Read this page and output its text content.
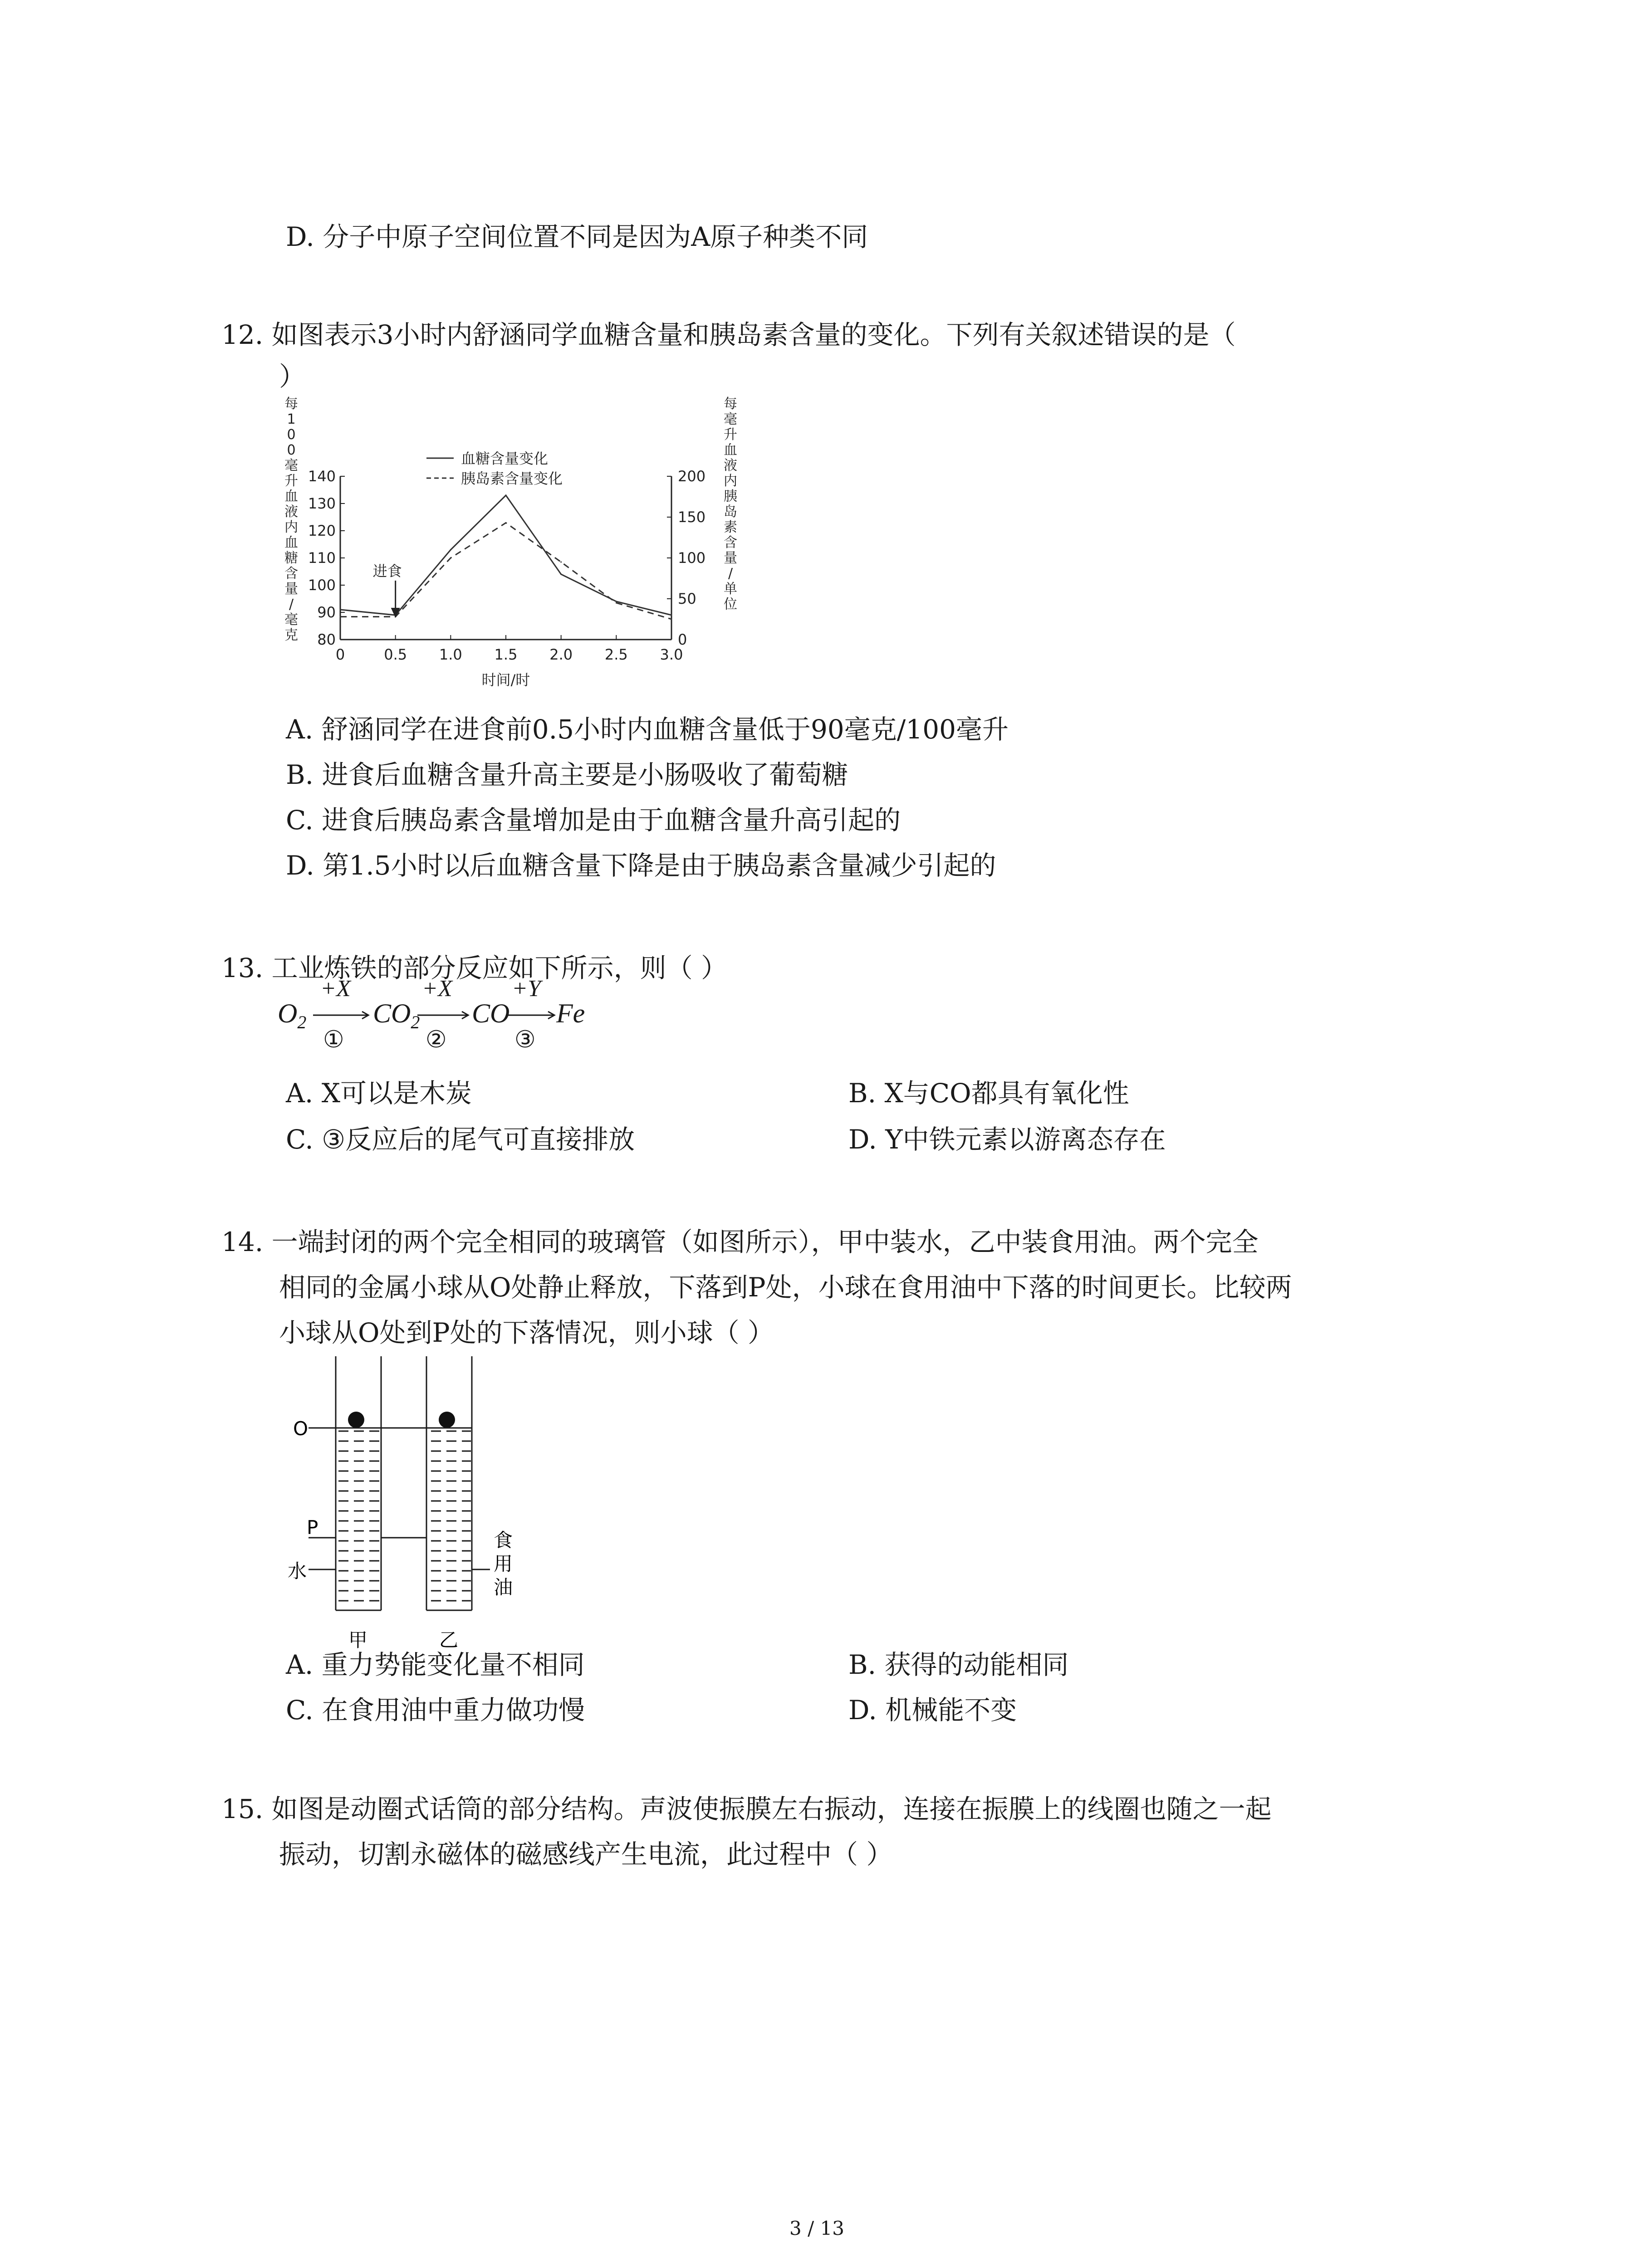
D. 分子中原子空间位置不同是因为A原子种类不同
12. 如图表示3小时内舒涵同学血糖含量和胰岛素含量的变化。下列有关叙述错误的是（
）
0	0.5 1.0 1.5 2.0 2.5 3.0
80
90
100
110
120
130
140
0
50
100
150
200
血糖含量变化
胰岛素含量变化
进食
时间/时
每 1 0 0 毫升血液内血糖含量/毫克
每毫升血液内胰岛素含量/单位
A. 舒涵同学在进食前0.5小时内血糖含量低于90毫克/100毫升
B. 进食后血糖含量升高主要是小肠吸收了葡萄糖
C. 进食后胰岛素含量增加是由于血糖含量升高引起的
D. 第1.5小时以后血糖含量下降是由于胰岛素含量减少引起的
13. 工业炼铁的部分反应如下所示，则（ ）
$O_2$ $CO_2$ CO Fe
+X
①
+X
②
+Y
③
A. X可以是木炭	B. X与CO都具有氧化性
C. ③反应后的尾气可直接排放	D. Y中铁元素以游离态存在
14. 一端封闭的两个完全相同的玻璃管（如图所示），甲中装水，乙中装食用油。两个完全
相同的金属小球从O处静止释放，下落到P处，小球在食用油中下落的时间更长。比较两
小球从O处到P处的下落情况，则小球（ ）
O
P
水
食
用
油
甲	乙
A. 重力势能变化量不相同	B. 获得的动能相同
C. 在食用油中重力做功慢	D. 机械能不变
15. 如图是动圈式话筒的部分结构。声波使振膜左右振动，连接在振膜上的线圈也随之一起
振动，切割永磁体的磁感线产生电流，此过程中（ ）
3 / 13
